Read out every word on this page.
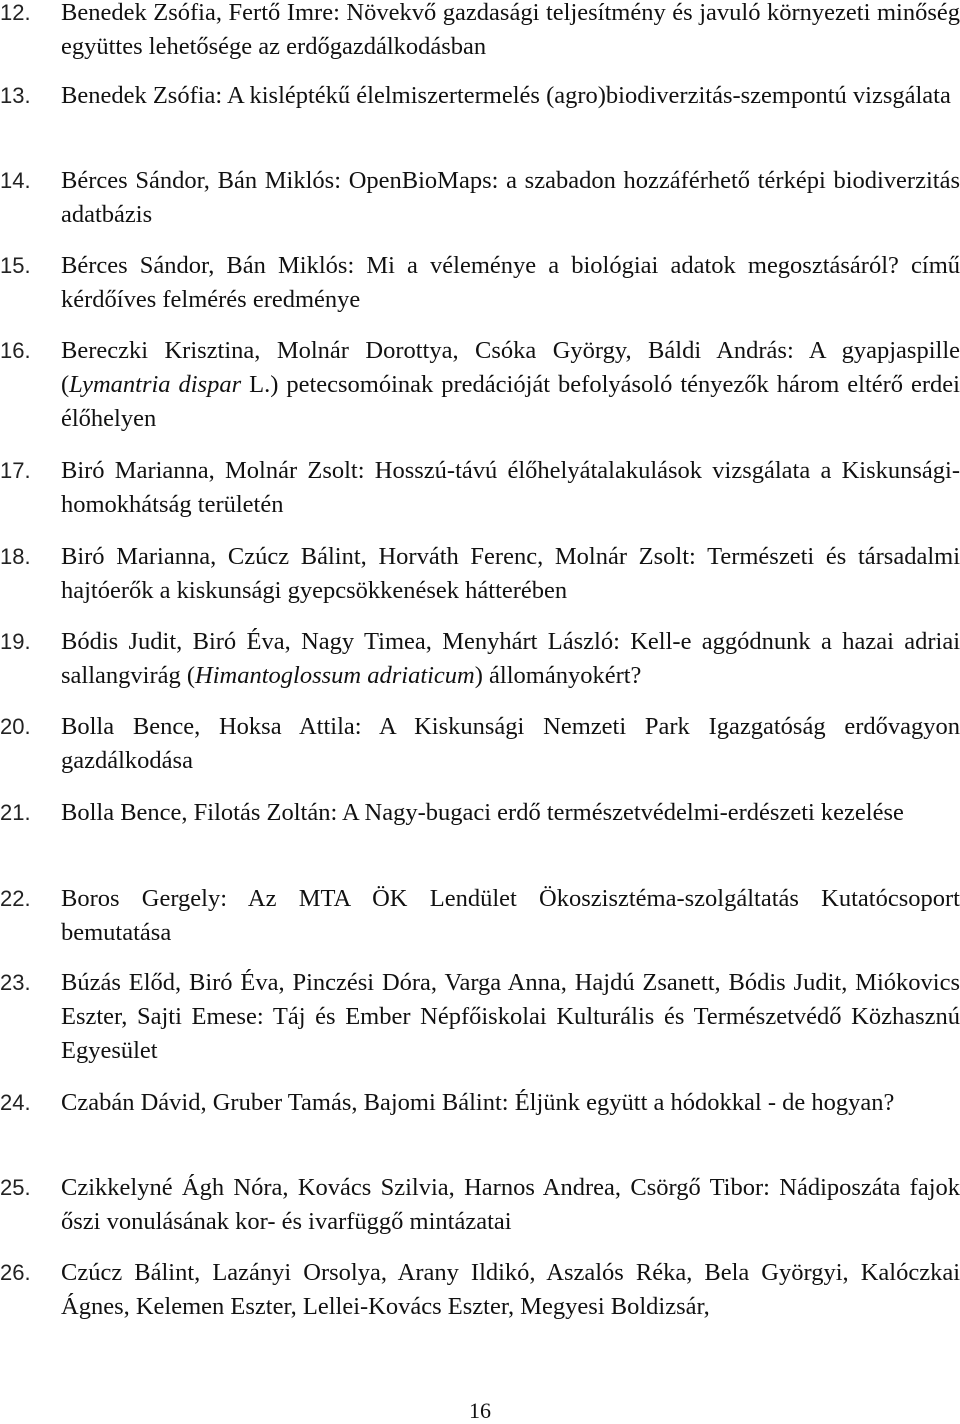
12.	Benedek Zsófia, Fertő Imre: Növekvő gazdasági teljesítmény és javuló környezeti minőség együttes lehetősége az erdőgazdálkodásban
13.	Benedek Zsófia: A kisléptékű élelmiszertermelés (agro)biodiverzitás-szempontú vizsgálata
14.	Bérces Sándor, Bán Miklós: OpenBioMaps: a szabadon hozzáférhető térképi biodiverzitás adatbázis
15.	Bérces Sándor, Bán Miklós: Mi a véleménye a biológiai adatok megosztásáról? című kérdőíves felmérés eredménye
16.	Bereczki Krisztina, Molnár Dorottya, Csóka György, Báldi András: A gyapjaspille (Lymantria dispar L.) petecsomóinak predációját befolyásoló tényezők három eltérő erdei élőhelyen
17.	Biró Marianna, Molnár Zsolt: Hosszú-távú élőhelyátalakulások vizsgálata a Kiskunsági-homokhátság területén
18.	Biró Marianna, Czúcz Bálint, Horváth Ferenc, Molnár Zsolt: Természeti és társadalmi hajtóerők a kiskunsági gyepcsökkenések hátterében
19.	Bódis Judit, Biró Éva, Nagy Timea, Menyhárt László: Kell-e aggódnunk a hazai adriai sallangvirág (Himantoglossum adriaticum) állományokért?
20.	Bolla Bence, Hoksa Attila: A Kiskunsági Nemzeti Park Igazgatóság erdővagyon gazdálkodása
21.	Bolla Bence, Filotás Zoltán: A Nagy-bugaci erdő természetvédelmi-erdészeti kezelése
22.	Boros Gergely: Az MTA ÖK Lendület Ökoszisztéma-szolgáltatás Kutatócsoport bemutatása
23.	Búzás Előd, Biró Éva, Pinczési Dóra, Varga Anna, Hajdú Zsanett, Bódis Judit, Miókovics Eszter, Sajti Emese: Táj és Ember Népfőiskolai Kulturális és Természetvédő Közhasznú Egyesület
24.	Czabán Dávid, Gruber Tamás, Bajomi Bálint: Éljünk együtt a hódokkal - de hogyan?
25.	Czikkelyné Ágh Nóra, Kovács Szilvia, Harnos Andrea, Csörgő Tibor: Nádiposzáta fajok őszi vonulásának kor- és ivarfüggő mintázatai
26.	Czúcz Bálint, Lazányi Orsolya, Arany Ildikó, Aszalós Réka, Bela Györgyi, Kalóczkai Ágnes, Kelemen Eszter, Lellei-Kovács Eszter, Megyesi Boldizsár,
16
